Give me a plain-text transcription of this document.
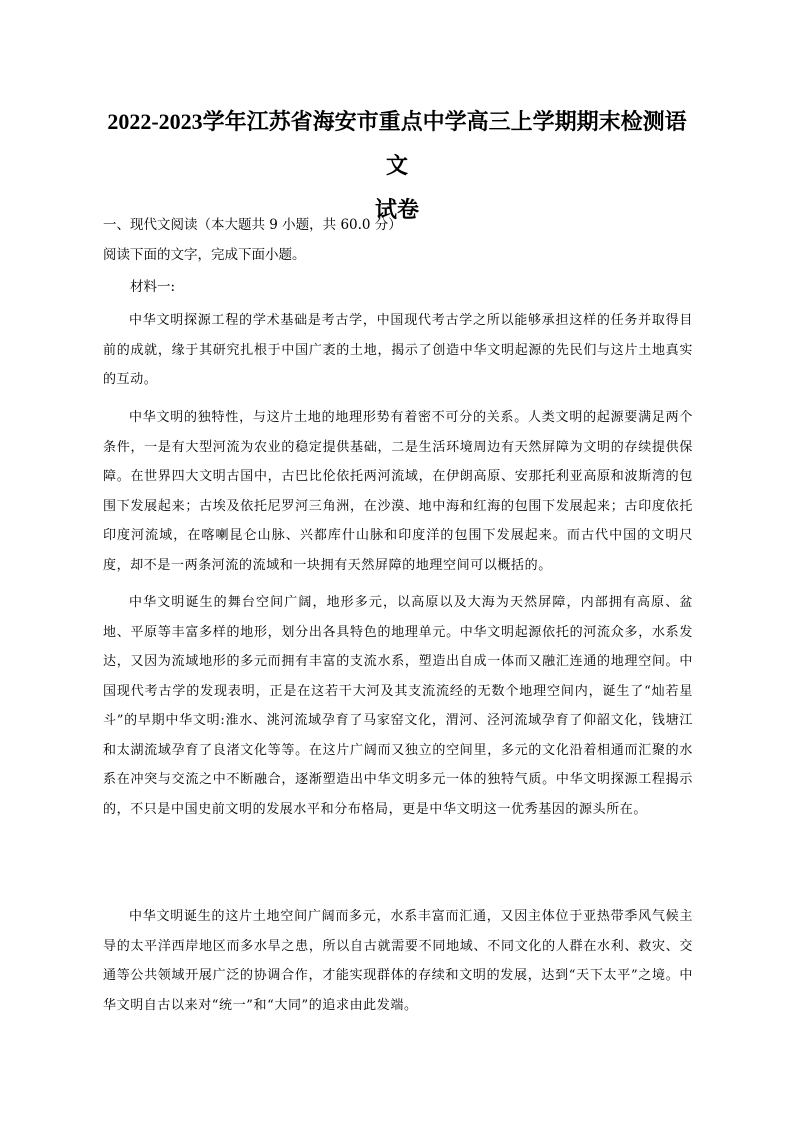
2022-2023学年江苏省海安市重点中学高三上学期期末检测语文
试卷

一、现代文阅读（本大题共 9 小题，共 60.0 分）

阅读下面的文字，完成下面小题。

材料一:

中华文明探源工程的学术基础是考古学，中国现代考古学之所以能够承担这样的任务并取得目前的成就，缘于其研究扎根于中国广袤的土地，揭示了创造中华文明起源的先民们与这片土地真实的互动。

中华文明的独特性，与这片土地的地理形势有着密不可分的关系。人类文明的起源要满足两个条件，一是有大型河流为农业的稳定提供基础，二是生活环境周边有天然屏障为文明的存续提供保障。在世界四大文明古国中，古巴比伦依托两河流域，在伊朗高原、安那托利亚高原和波斯湾的包围下发展起来；古埃及依托尼罗河三角洲，在沙漠、地中海和红海的包围下发展起来；古印度依托印度河流域，在喀喇昆仑山脉、兴都库什山脉和印度洋的包围下发展起来。而古代中国的文明尺度，却不是一两条河流的流域和一块拥有天然屏障的地理空间可以概括的。

中华文明诞生的舞台空间广阔，地形多元，以高原以及大海为天然屏障，内部拥有高原、盆地、平原等丰富多样的地形，划分出各具特色的地理单元。中华文明起源依托的河流众多，水系发达，又因为流域地形的多元而拥有丰富的支流水系，塑造出自成一体而又融汇连通的地理空间。中国现代考古学的发现表明，正是在这若干大河及其支流流经的无数个地理空间内，诞生了“灿若星斗”的早期中华文明:淮水、洮河流域孕育了马家窑文化，渭河、泾河流域孕育了仰韶文化，钱塘江和太湖流域孕育了良渚文化等等。在这片广阔而又独立的空间里，多元的文化沿着相通而汇聚的水系在冲突与交流之中不断融合，逐渐塑造出中华文明多元一体的独特气质。中华文明探源工程揭示的，不只是中国史前文明的发展水平和分布格局，更是中华文明这一优秀基因的源头所在。

中华文明诞生的这片土地空间广阔而多元，水系丰富而汇通，又因主体位于亚热带季风气候主导的太平洋西岸地区而多水旱之患，所以自古就需要不同地域、不同文化的人群在水利、救灾、交通等公共领域开展广泛的协调合作，才能实现群体的存续和文明的发展，达到“天下太平”之境。中华文明自古以来对“统一”和“大同”的追求由此发端。
